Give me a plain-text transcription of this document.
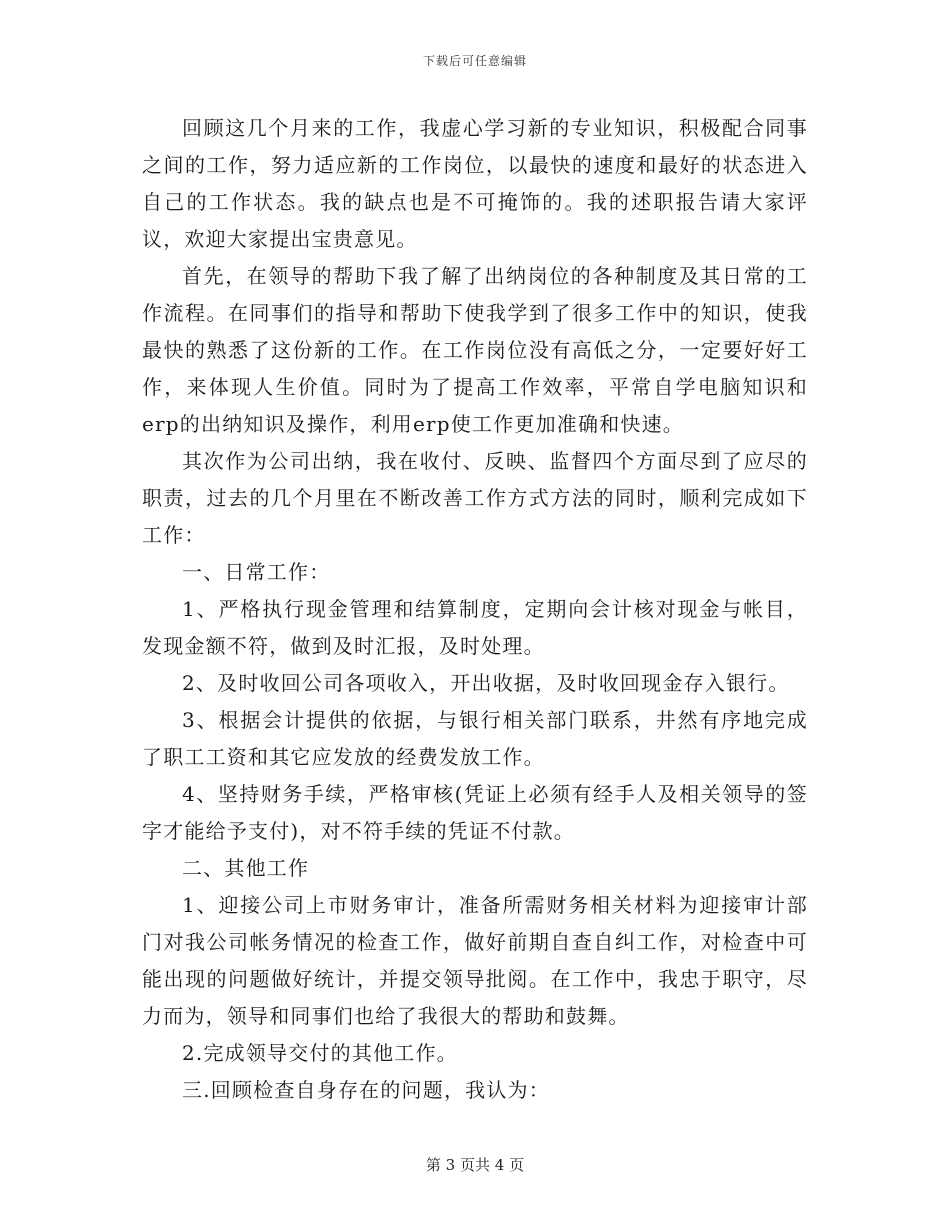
下载后可任意编辑

回顾这几个月来的工作，我虚心学习新的专业知识，积极配合同事之间的工作，努力适应新的工作岗位，以最快的速度和最好的状态进入自己的工作状态。我的缺点也是不可掩饰的。我的述职报告请大家评议，欢迎大家提出宝贵意见。

首先，在领导的帮助下我了解了出纳岗位的各种制度及其日常的工作流程。在同事们的指导和帮助下使我学到了很多工作中的知识，使我最快的熟悉了这份新的工作。在工作岗位没有高低之分，一定要好好工作，来体现人生价值。同时为了提高工作效率，平常自学电脑知识和erp的出纳知识及操作，利用erp使工作更加准确和快速。

其次作为公司出纳，我在收付、反映、监督四个方面尽到了应尽的职责，过去的几个月里在不断改善工作方式方法的同时，顺利完成如下工作：

一、日常工作：

1、严格执行现金管理和结算制度，定期向会计核对现金与帐目，发现金额不符，做到及时汇报，及时处理。

2、及时收回公司各项收入，开出收据，及时收回现金存入银行。

3、根据会计提供的依据，与银行相关部门联系，井然有序地完成了职工工资和其它应发放的经费发放工作。

4、坚持财务手续，严格审核(凭证上必须有经手人及相关领导的签字才能给予支付)，对不符手续的凭证不付款。

二、其他工作

1、迎接公司上市财务审计，准备所需财务相关材料为迎接审计部门对我公司帐务情况的检查工作，做好前期自查自纠工作，对检查中可能出现的问题做好统计，并提交领导批阅。在工作中，我忠于职守，尽力而为，领导和同事们也给了我很大的帮助和鼓舞。

2.完成领导交付的其他工作。

三.回顾检查自身存在的问题，我认为：

第 3 页共 4 页
